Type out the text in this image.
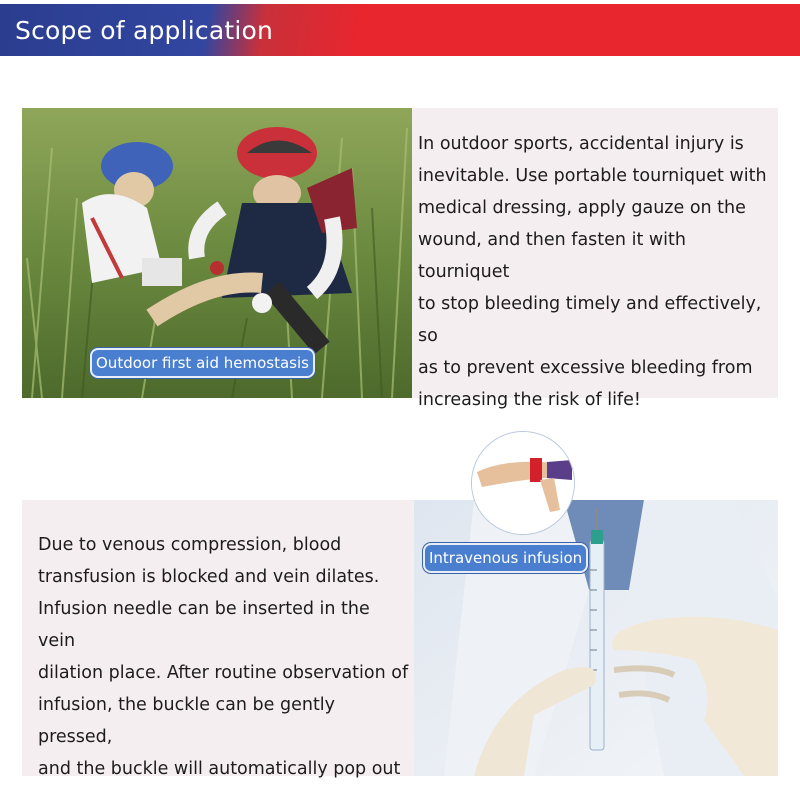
Scope of application
Outdoor first aid hemostasis
In outdoor sports, accidental injury is
inevitable. Use portable tourniquet with
medical dressing, apply gauze on the
wound, and then fasten it with tourniquet
to stop bleeding timely and effectively, so
as to prevent excessive bleeding from
increasing the risk of life!
Due to venous compression, blood
transfusion is blocked and vein dilates.
Infusion needle can be inserted in the vein
dilation place. After routine observation of
infusion, the buckle can be gently pressed,
and the buckle will automatically pop out
Intravenous infusion
